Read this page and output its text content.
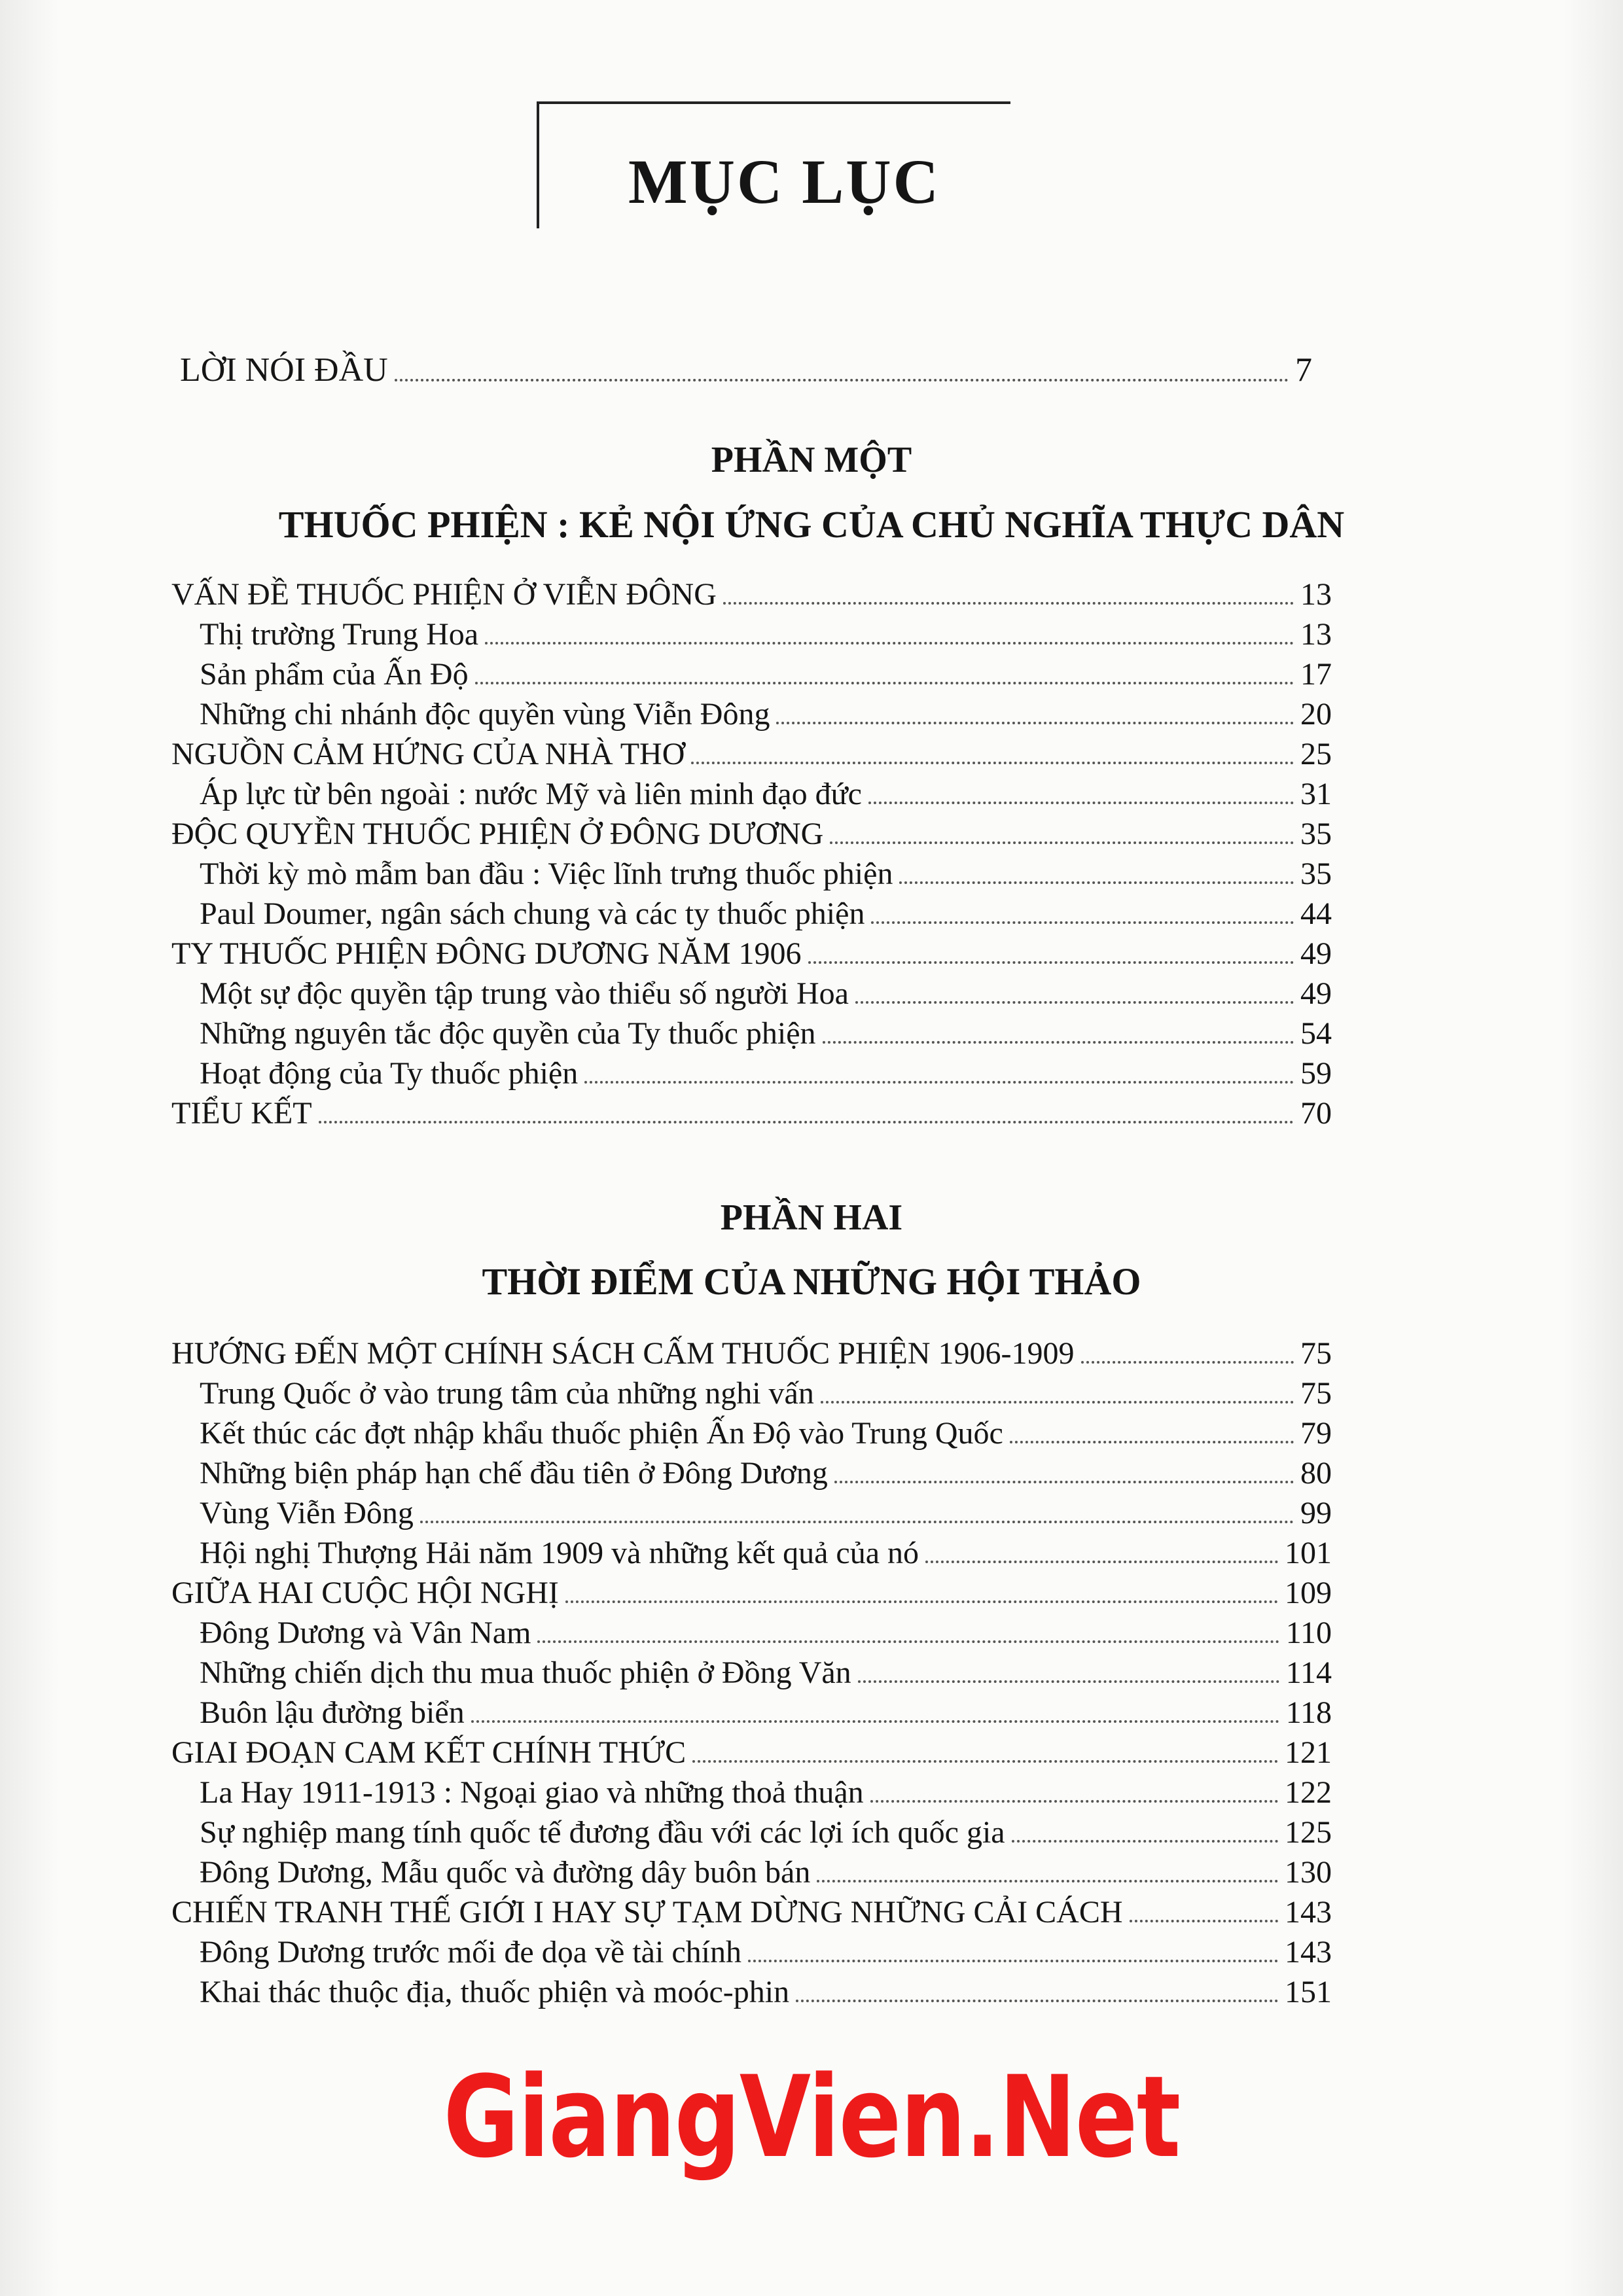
MỤC LỤC
LỜI NÓI ĐẦU	7
PHẦN MỘT
THUỐC PHIỆN : KẺ NỘI ỨNG CỦA CHỦ NGHĨA THỰC DÂN
VẤN ĐỀ THUỐC PHIỆN Ở VIỄN ĐÔNG	13
Thị trường Trung Hoa	13
Sản phẩm của Ấn Độ	17
Những chi nhánh độc quyền vùng Viễn Đông	20
NGUỒN CẢM HỨNG CỦA NHÀ THƠ	25
Áp lực từ bên ngoài : nước Mỹ và liên minh đạo đức	31
ĐỘC QUYỀN THUỐC PHIỆN Ở ĐÔNG DƯƠNG	35
Thời kỳ mò mẫm ban đầu : Việc lĩnh trưng thuốc phiện	35
Paul Doumer, ngân sách chung và các ty thuốc phiện	44
TY THUỐC PHIỆN ĐÔNG DƯƠNG NĂM 1906	49
Một sự độc quyền tập trung vào thiểu số người Hoa	49
Những nguyên tắc độc quyền của Ty thuốc phiện	54
Hoạt động của Ty thuốc phiện	59
TIỂU KẾT	70
PHẦN HAI
THỜI ĐIỂM CỦA NHỮNG HỘI THẢO
HƯỚNG ĐẾN MỘT CHÍNH SÁCH CẤM THUỐC PHIỆN 1906-1909	75
Trung Quốc ở vào trung tâm của những nghi vấn	75
Kết thúc các đợt nhập khẩu thuốc phiện Ấn Độ vào Trung Quốc	79
Những biện pháp hạn chế đầu tiên ở Đông Dương	80
Vùng Viễn Đông	99
Hội nghị Thượng Hải năm 1909 và những kết quả của nó	101
GIỮA HAI CUỘC HỘI NGHỊ	109
Đông Dương và Vân Nam	110
Những chiến dịch thu mua thuốc phiện ở Đồng Văn	114
Buôn lậu đường biển	118
GIAI ĐOẠN CAM KẾT CHÍNH THỨC	121
La Hay 1911-1913 : Ngoại giao và những thoả thuận	122
Sự nghiệp mang tính quốc tế đương đầu với các lợi ích quốc gia	125
Đông Dương, Mẫu quốc và đường dây buôn bán	130
CHIẾN TRANH THẾ GIỚI I HAY SỰ TẠM DỪNG NHỮNG CẢI CÁCH	143
Đông Dương trước mối đe dọa về tài chính	143
Khai thác thuộc địa, thuốc phiện và moóc-phin	151
GiangVien.Net
